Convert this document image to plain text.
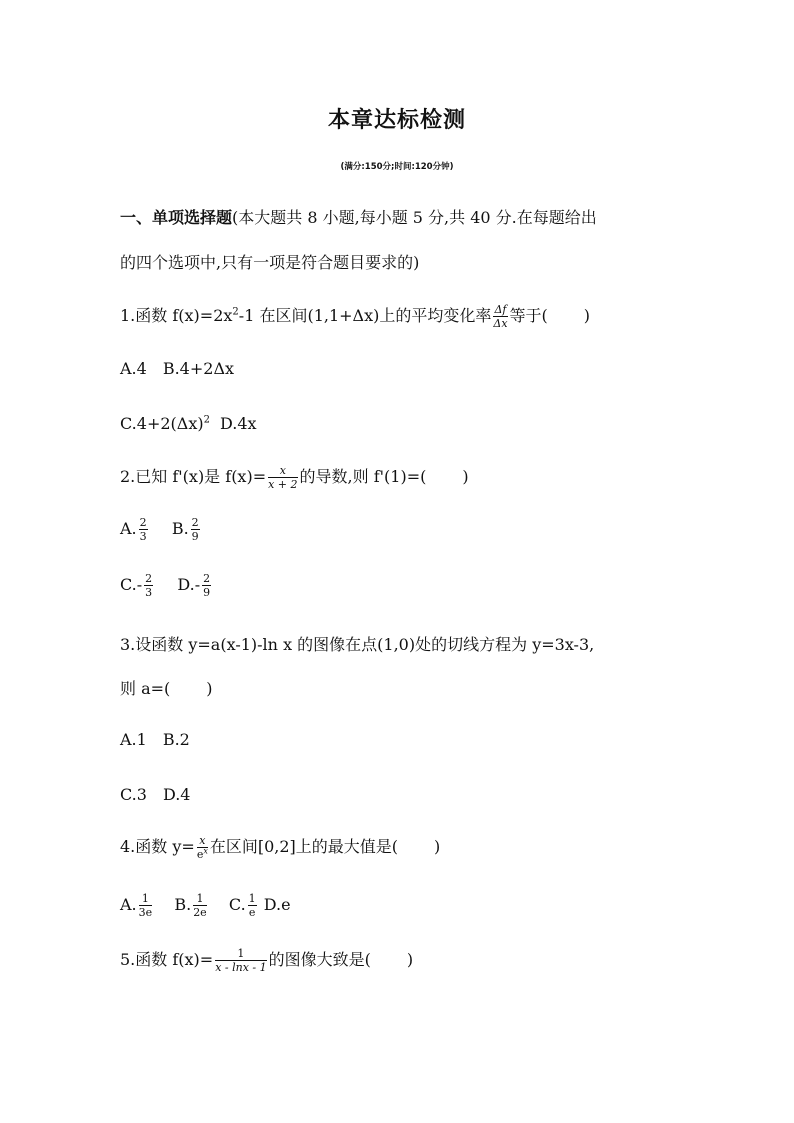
本章达标检测
(满分:150分;时间:120分钟)
一、单项选择题(本大题共 8 小题,每小题 5 分,共 40 分.在每题给出
的四个选项中,只有一项是符合题目要求的)
1.函数 $f(x)=2x^2-1$ 在区间(1,1+Δx)上的平均变化率 $\frac{\Delta f}{\Delta x}$ 等于( )
A.4 B.4+2Δx
$C.4+2(\Delta x)^2$ D.4x
2.已知 f'(x)是 $f(x)= \frac{x}{x + 2}$ 的导数,则 f'(1)=( )
A. $\frac{2}{3} B$. $\frac{2}{9}$
$C.- \frac{2}{3} D.- \frac{2}{9}$
3.设函数 y=a(x-1)-ln x 的图像在点(1,0)处的切线方程为 y=3x-3,
则 a=( )
A.1 B.2
C.3 D.4
4.函数 $y= \frac{x}{e^x}$ 在区间[0,2]上的最大值是( )
A. $\frac{1}{3e} B$. $\frac{1}{2e} C$. $\frac{1}{e} D.e$
5.函数 $f(x)= \frac{1}{x - \ln x - 1}$ 的图像大致是( )
